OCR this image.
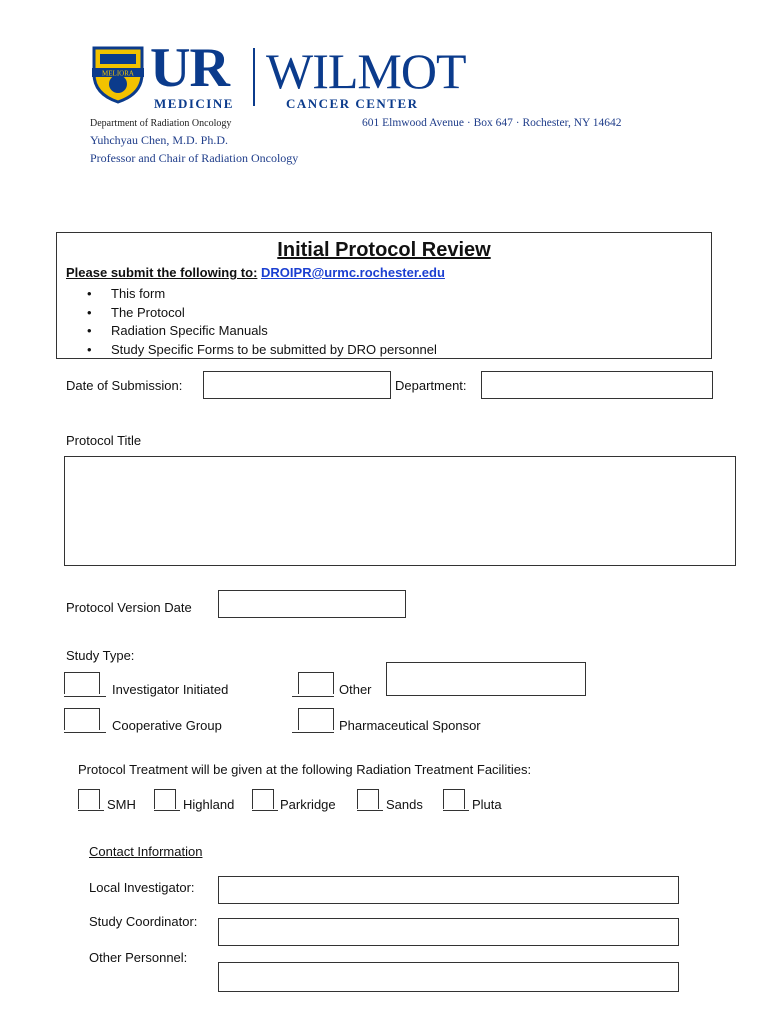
MELIORA UR
MEDICINE
WILMOT
CANCER CENTER
Department of Radiation Oncology	601 Elmwood Avenue · Box 647 · Rochester, NY 14642
Yuhchyau Chen, M.D. Ph.D.
Professor and Chair of Radiation Oncology
Initial Protocol Review
Please submit the following to: DROIPR@urmc.rochester.edu
• This form
• The Protocol
• Radiation Specific Manuals
• Study Specific Forms to be submitted by DRO personnel
Date of Submission:	Department:
Protocol Title
Protocol Version Date
Study Type:
Investigator Initiated	Other
Cooperative Group	Pharmaceutical Sponsor
Protocol Treatment will be given at the following Radiation Treatment Facilities:
SMH	Highland	Parkridge	Sands	Pluta
Contact Information
Local Investigator:
Study Coordinator:
Other Personnel:
